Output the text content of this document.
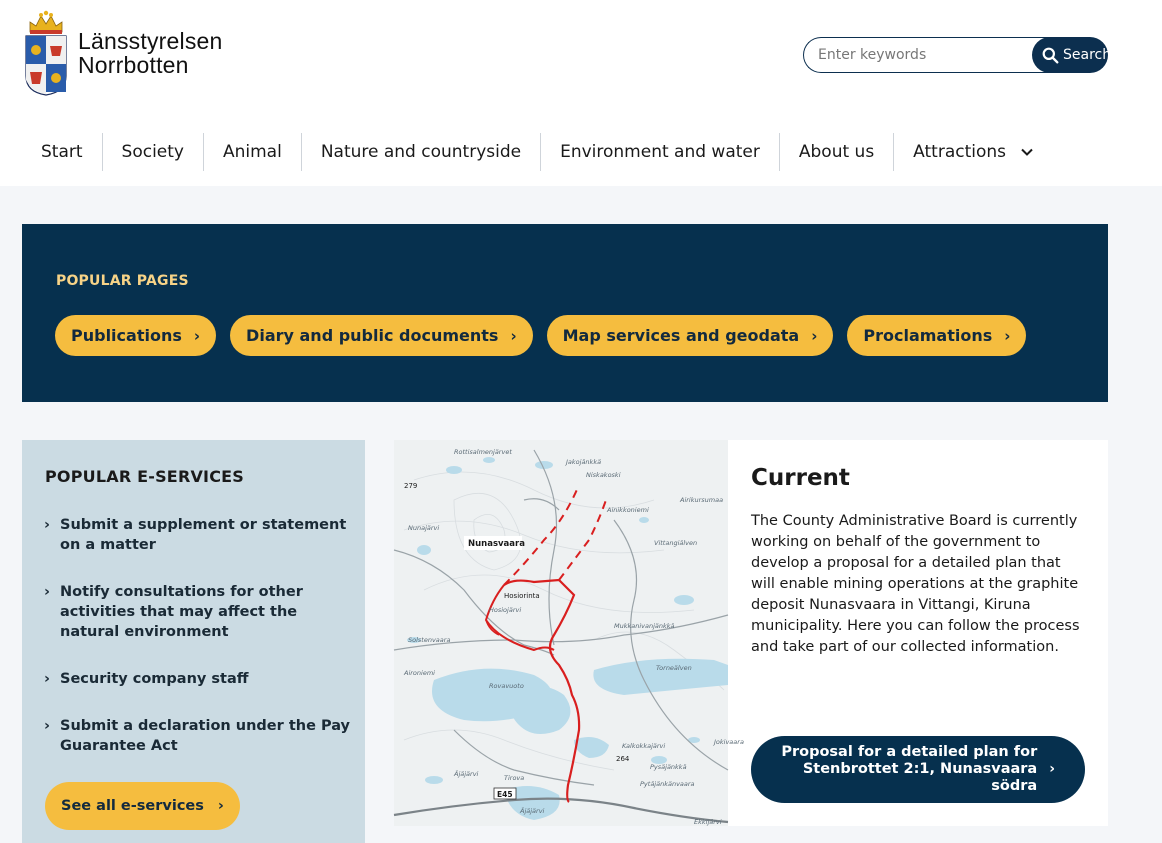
Länsstyrelsen
Norrbotten
Enter keywords	Search
Start Society Animal Nature and countryside Environment and water About us Attractions
POPULAR PAGES
Publications ›	Diary and public documents ›	Map services and geodata ›	Proclamations ›
POPULAR E-SERVICES
› Submit a supplement or statement on a matter
› Notify consultations for other activities that may affect the natural environment
› Security company staff
› Submit a declaration under the Pay Guarantee Act
See all e-services ›
Rottisalmenjärvet
Jakojänkkä
Niskakoski
Ainikkoniemi
Airikursumaa
Nunajärvi
Hosiojärvi
Mukkanivanjänkkä
Solstenvaara
Aironiemi
Rovavuoto
Vittangiälven
Torneälven
Jokivaara
Kalkokkajärvi
Pysäjänkkä
Pytäjänkänvaara
Äjäjärvi	Tirova
Äjäjärvi
Ekkijärvi
279
264
Nunasvaara
Hosiorinta
E45
Current

The County Administrative Board is currently working on behalf of the government to develop a proposal for a detailed plan that will enable mining operations at the graphite deposit Nunasvaara in Vittangi, Kiruna municipality. Here you can follow the process and take part of our collected information.

Proposal for a detailed plan for Stenbrottet 2:1, Nunasvaara södra
›
